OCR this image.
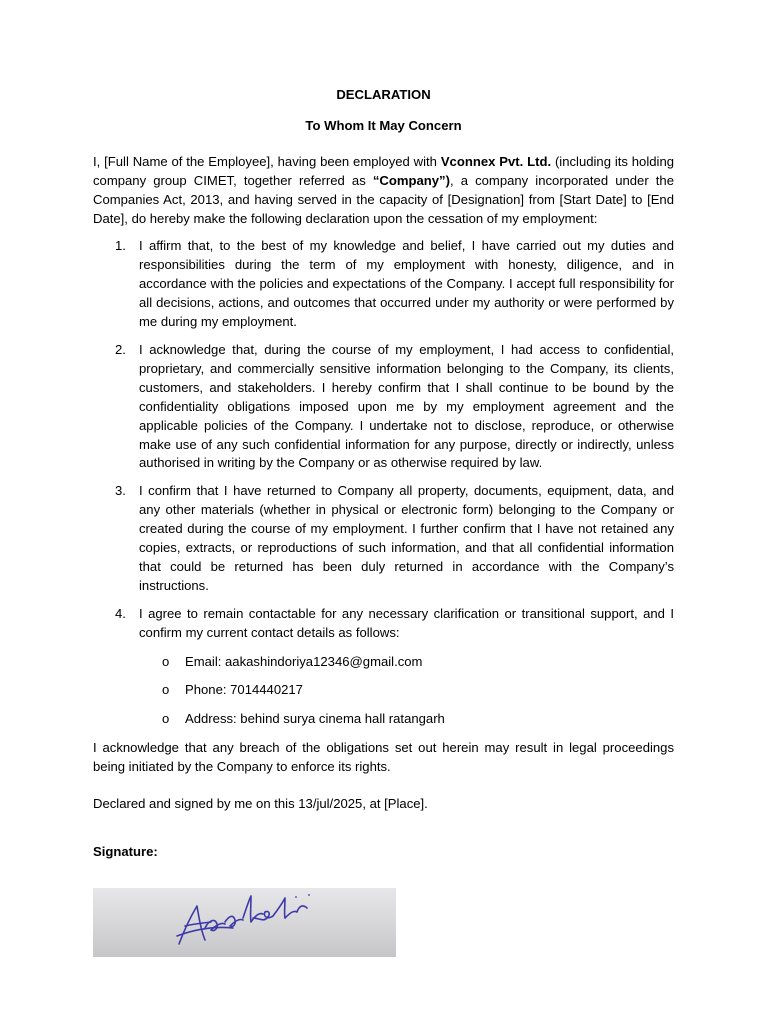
DECLARATION

To Whom It May Concern

I, [Full Name of the Employee], having been employed with Vconnex Pvt. Ltd. (including its holding company group CIMET, together referred as “Company”), a company incorporated under the Companies Act, 2013, and having served in the capacity of [Designation] from [Start Date] to [End Date], do hereby make the following declaration upon the cessation of my employment:

1. I affirm that, to the best of my knowledge and belief, I have carried out my duties and responsibilities during the term of my employment with honesty, diligence, and in accordance with the policies and expectations of the Company. I accept full responsibility for all decisions, actions, and outcomes that occurred under my authority or were performed by me during my employment.
2. I acknowledge that, during the course of my employment, I had access to confidential, proprietary, and commercially sensitive information belonging to the Company, its clients, customers, and stakeholders. I hereby confirm that I shall continue to be bound by the confidentiality obligations imposed upon me by my employment agreement and the applicable policies of the Company. I undertake not to disclose, reproduce, or otherwise make use of any such confidential information for any purpose, directly or indirectly, unless authorised in writing by the Company or as otherwise required by law.
3. I confirm that I have returned to Company all property, documents, equipment, data, and any other materials (whether in physical or electronic form) belonging to the Company or created during the course of my employment. I further confirm that I have not retained any copies, extracts, or reproductions of such information, and that all confidential information that could be returned has been duly returned in accordance with the Company’s instructions.
4. I agree to remain contactable for any necessary clarification or transitional support, and I confirm my current contact details as follows:
o Email: aakashindoriya12346@gmail.com
o Phone: 7014440217
o Address: behind surya cinema hall ratangarh

I acknowledge that any breach of the obligations set out herein may result in legal proceedings being initiated by the Company to enforce its rights.

Declared and signed by me on this 13/jul/2025, at [Place].

Signature:
